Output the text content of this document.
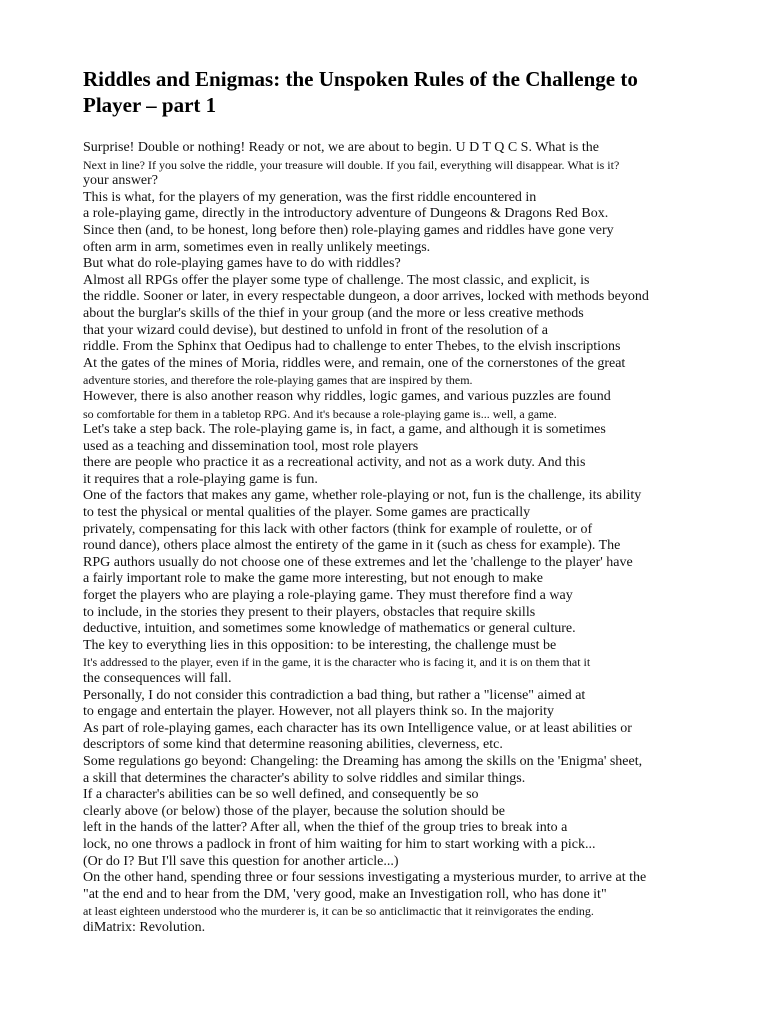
Riddles and Enigmas: the Unspoken Rules of the Challenge to
Player – part 1
Surprise! Double or nothing! Ready or not, we are about to begin. U D T Q C S. What is the
Next in line? If you solve the riddle, your treasure will double. If you fail, everything will disappear. What is it?
your answer?
This is what, for the players of my generation, was the first riddle encountered in
a role-playing game, directly in the introductory adventure of Dungeons & Dragons Red Box.
Since then (and, to be honest, long before then) role-playing games and riddles have gone very
often arm in arm, sometimes even in really unlikely meetings.
But what do role-playing games have to do with riddles?
Almost all RPGs offer the player some type of challenge. The most classic, and explicit, is
the riddle. Sooner or later, in every respectable dungeon, a door arrives, locked with methods beyond
about the burglar's skills of the thief in your group (and the more or less creative methods
that your wizard could devise), but destined to unfold in front of the resolution of a
riddle. From the Sphinx that Oedipus had to challenge to enter Thebes, to the elvish inscriptions
At the gates of the mines of Moria, riddles were, and remain, one of the cornerstones of the great
adventure stories, and therefore the role-playing games that are inspired by them.
However, there is also another reason why riddles, logic games, and various puzzles are found
so comfortable for them in a tabletop RPG. And it's because a role-playing game is... well, a game.
Let's take a step back. The role-playing game is, in fact, a game, and although it is sometimes
used as a teaching and dissemination tool, most role players
there are people who practice it as a recreational activity, and not as a work duty. And this
it requires that a role-playing game is fun.
One of the factors that makes any game, whether role-playing or not, fun is the challenge, its ability
to test the physical or mental qualities of the player. Some games are practically
privately, compensating for this lack with other factors (think for example of roulette, or of
round dance), others place almost the entirety of the game in it (such as chess for example). The
RPG authors usually do not choose one of these extremes and let the 'challenge to the player' have
a fairly important role to make the game more interesting, but not enough to make
forget the players who are playing a role-playing game. They must therefore find a way
to include, in the stories they present to their players, obstacles that require skills
deductive, intuition, and sometimes some knowledge of mathematics or general culture.
The key to everything lies in this opposition: to be interesting, the challenge must be
It's addressed to the player, even if in the game, it is the character who is facing it, and it is on them that it
the consequences will fall.
Personally, I do not consider this contradiction a bad thing, but rather a "license" aimed at
to engage and entertain the player. However, not all players think so. In the majority
As part of role-playing games, each character has its own Intelligence value, or at least abilities or
descriptors of some kind that determine reasoning abilities, cleverness, etc.
Some regulations go beyond: Changeling: the Dreaming has among the skills on the 'Enigma' sheet,
a skill that determines the character's ability to solve riddles and similar things.
If a character's abilities can be so well defined, and consequently be so
clearly above (or below) those of the player, because the solution should be
left in the hands of the latter? After all, when the thief of the group tries to break into a
lock, no one throws a padlock in front of him waiting for him to start working with a pick...
(Or do I? But I'll save this question for another article...)
On the other hand, spending three or four sessions investigating a mysterious murder, to arrive at the
"at the end and to hear from the DM, 'very good, make an Investigation roll, who has done it"
at least eighteen understood who the murderer is, it can be so anticlimactic that it reinvigorates the ending.
diMatrix: Revolution.
